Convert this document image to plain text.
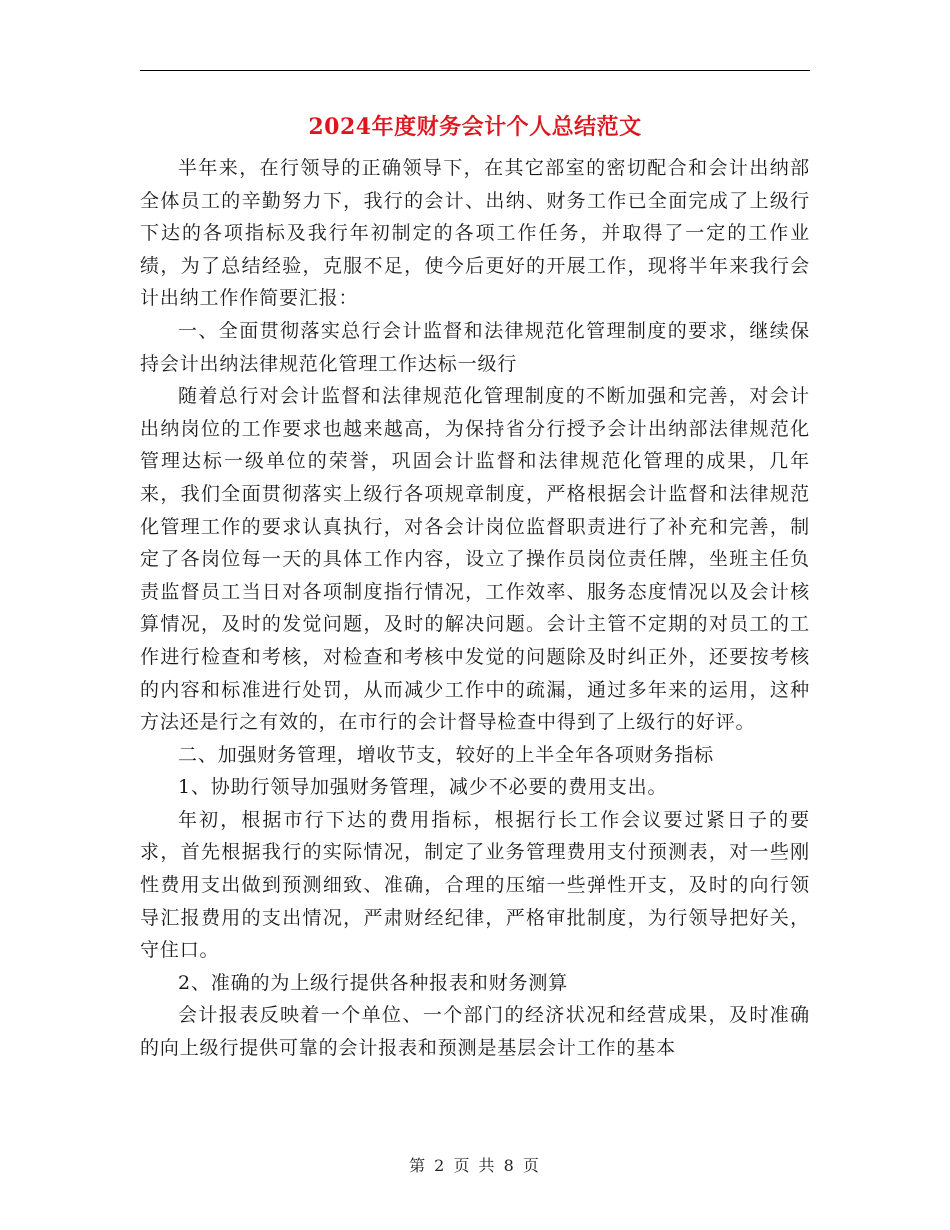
2024年度财务会计个人总结范文

半年来，在行领导的正确领导下，在其它部室的密切配合和会计出纳部全体员工的辛勤努力下，我行的会计、出纳、财务工作已全面完成了上级行下达的各项指标及我行年初制定的各项工作任务，并取得了一定的工作业绩，为了总结经验，克服不足，使今后更好的开展工作，现将半年来我行会计出纳工作作简要汇报：

一、全面贯彻落实总行会计监督和法律规范化管理制度的要求，继续保持会计出纳法律规范化管理工作达标一级行

随着总行对会计监督和法律规范化管理制度的不断加强和完善，对会计出纳岗位的工作要求也越来越高，为保持省分行授予会计出纳部法律规范化管理达标一级单位的荣誉，巩固会计监督和法律规范化管理的成果，几年来，我们全面贯彻落实上级行各项规章制度，严格根据会计监督和法律规范化管理工作的要求认真执行，对各会计岗位监督职责进行了补充和完善，制定了各岗位每一天的具体工作内容，设立了操作员岗位责任牌，坐班主任负责监督员工当日对各项制度指行情况，工作效率、服务态度情况以及会计核算情况，及时的发觉问题，及时的解决问题。会计主管不定期的对员工的工作进行检查和考核，对检查和考核中发觉的问题除及时纠正外，还要按考核的内容和标准进行处罚，从而减少工作中的疏漏，通过多年来的运用，这种方法还是行之有效的，在市行的会计督导检查中得到了上级行的好评。

二、加强财务管理，增收节支，较好的上半全年各项财务指标

1、协助行领导加强财务管理，减少不必要的费用支出。

年初，根据市行下达的费用指标，根据行长工作会议要过紧日子的要求，首先根据我行的实际情况，制定了业务管理费用支付预测表，对一些刚性费用支出做到预测细致、准确，合理的压缩一些弹性开支，及时的向行领导汇报费用的支出情况，严肃财经纪律，严格审批制度，为行领导把好关，守住口。

2、准确的为上级行提供各种报表和财务测算

会计报表反映着一个单位、一个部门的经济状况和经营成果，及时准确的向上级行提供可靠的会计报表和预测是基层会计工作的基本

第 2 页 共 8 页
